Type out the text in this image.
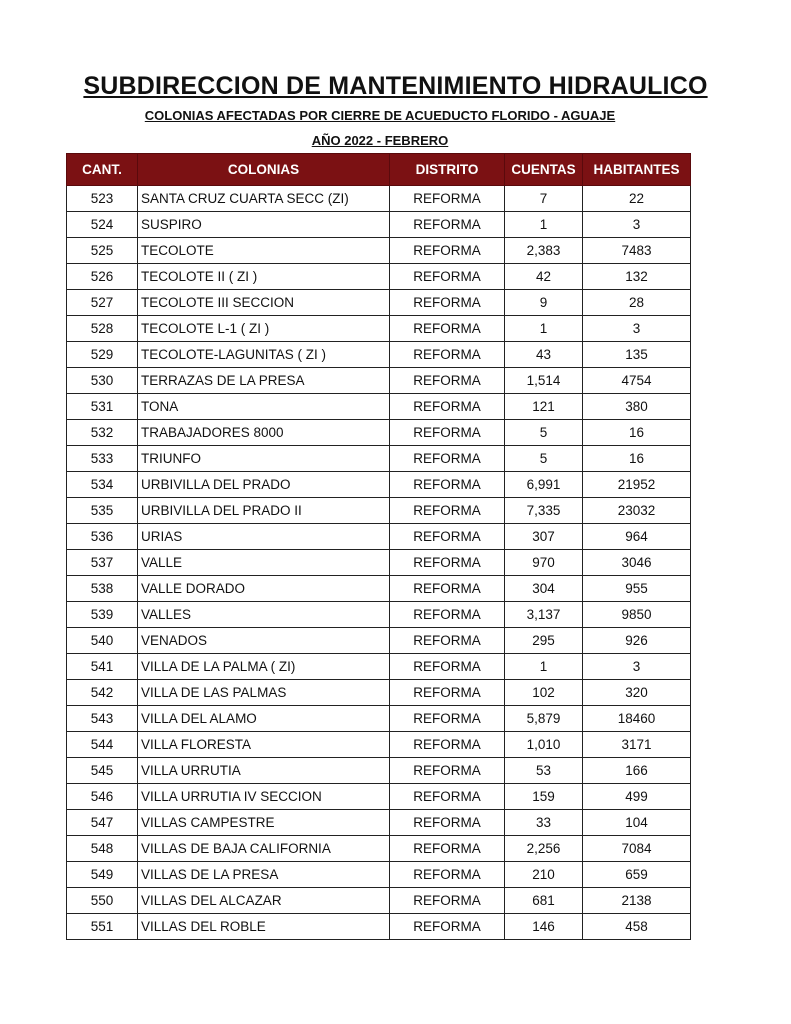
SUBDIRECCION DE MANTENIMIENTO HIDRAULICO
COLONIAS AFECTADAS POR CIERRE DE ACUEDUCTO FLORIDO - AGUAJE
AÑO 2022 - FEBRERO
CANT.	COLONIAS	DISTRITO	CUENTAS	HABITANTES
523	SANTA CRUZ CUARTA SECC (ZI)	REFORMA	7	22
524	SUSPIRO	REFORMA	1	3
525	TECOLOTE	REFORMA	2,383	7483
526	TECOLOTE II ( ZI )	REFORMA	42	132
527	TECOLOTE III SECCION	REFORMA	9	28
528	TECOLOTE L-1 ( ZI )	REFORMA	1	3
529	TECOLOTE-LAGUNITAS ( ZI )	REFORMA	43	135
530	TERRAZAS DE LA PRESA	REFORMA	1,514	4754
531	TONA	REFORMA	121	380
532	TRABAJADORES 8000	REFORMA	5	16
533	TRIUNFO	REFORMA	5	16
534	URBIVILLA DEL PRADO	REFORMA	6,991	21952
535	URBIVILLA DEL PRADO II	REFORMA	7,335	23032
536	URIAS	REFORMA	307	964
537	VALLE	REFORMA	970	3046
538	VALLE DORADO	REFORMA	304	955
539	VALLES	REFORMA	3,137	9850
540	VENADOS	REFORMA	295	926
541	VILLA DE LA PALMA ( ZI)	REFORMA	1	3
542	VILLA DE LAS PALMAS	REFORMA	102	320
543	VILLA DEL ALAMO	REFORMA	5,879	18460
544	VILLA FLORESTA	REFORMA	1,010	3171
545	VILLA URRUTIA	REFORMA	53	166
546	VILLA URRUTIA IV SECCION	REFORMA	159	499
547	VILLAS CAMPESTRE	REFORMA	33	104
548	VILLAS DE BAJA CALIFORNIA	REFORMA	2,256	7084
549	VILLAS DE LA PRESA	REFORMA	210	659
550	VILLAS DEL ALCAZAR	REFORMA	681	2138
551	VILLAS DEL ROBLE	REFORMA	146	458
